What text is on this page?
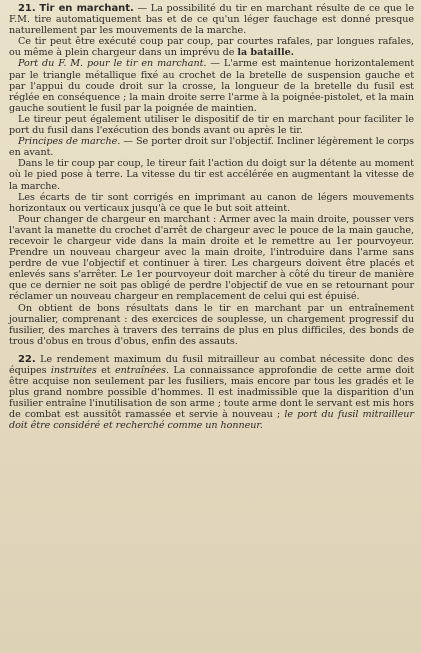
21. Tir en marchant. — La possibilité du tir en marchant résulte de ce que le F.M. tire automatiquement bas et de ce qu'un léger fauchage est donné presque naturellement par les mouvements de la marche.

Ce tir peut être exécuté coup par coup, par courtes rafales, par longues rafales, ou même à plein chargeur dans un imprévu de la bataille.

Port du F. M. pour le tir en marchant. — L'arme est maintenue horizontalement par le triangle métallique fixé au crochet de la bretelle de suspension gauche et par l'appui du coude droit sur la crosse, la longueur de la bretelle du fusil est réglée en conséquence ; la main droite serre l'arme à la poignée-pistolet, et la main gauche soutient le fusil par la poignée de maintien.

Le tireur peut également utiliser le dispositif de tir en marchant pour faciliter le port du fusil dans l'exécution des bonds avant ou après le tir.

Principes de marche. — Se porter droit sur l'objectif. Incliner légèrement le corps en avant.

Dans le tir coup par coup, le tireur fait l'action du doigt sur la détente au moment où le pied pose à terre. La vitesse du tir est accélérée en augmentant la vitesse de la marche.

Les écarts de tir sont corrigés en imprimant au canon de légers mouvements horizontaux ou verticaux jusqu'à ce que le but soit atteint.

Pour changer de chargeur en marchant : Armer avec la main droite, pousser vers l'avant la manette du crochet d'arrêt de chargeur avec le pouce de la main gauche, recevoir le chargeur vide dans la main droite et le remettre au 1er pourvoyeur. Prendre un nouveau chargeur avec la main droite, l'introduire dans l'arme sans perdre de vue l'objectif et continuer à tirer. Les chargeurs doivent être placés et enlevés sans s'arrêter. Le 1er pourvoyeur doit marcher à côté du tireur de manière que ce dernier ne soit pas obligé de perdre l'objectif de vue en se retournant pour réclamer un nouveau chargeur en remplacement de celui qui est épuisé.

On obtient de bons résultats dans le tir en marchant par un entraînement journalier, comprenant : des exercices de souplesse, un chargement progressif du fusilier, des marches à travers des terrains de plus en plus difficiles, des bonds de trous d'obus en trous d'obus, enfin des assauts.

22. Le rendement maximum du fusil mitrailleur au combat nécessite donc des équipes instruites et entraînées. La connaissance approfondie de cette arme doit être acquise non seulement par les fusiliers, mais encore par tous les gradés et le plus grand nombre possible d'hommes. Il est inadmissible que la disparition d'un fusilier entraîne l'inutilisation de son arme ; toute arme dont le servant est mis hors de combat est aussitôt ramassée et servie à nouveau ; le port du fusil mitrailleur doit être considéré et recherché comme un honneur.
